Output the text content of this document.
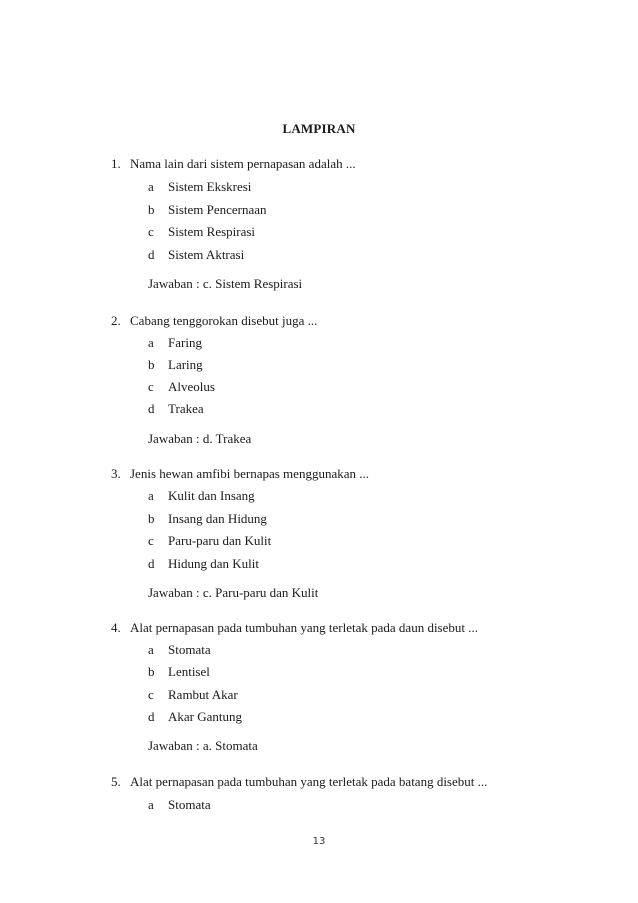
LAMPIRAN
1. Nama lain dari sistem pernapasan adalah ...
a Sistem Ekskresi
b Sistem Pencernaan
c Sistem Respirasi
d Sistem Aktrasi
Jawaban : c. Sistem Respirasi
2. Cabang tenggorokan disebut juga ...
a Faring
b Laring
c Alveolus
d Trakea
Jawaban : d. Trakea
3. Jenis hewan amfibi bernapas menggunakan ...
a Kulit dan Insang
b Insang dan Hidung
c Paru-paru dan Kulit
d Hidung dan Kulit
Jawaban : c. Paru-paru dan Kulit
4. Alat pernapasan pada tumbuhan yang terletak pada daun disebut ...
a Stomata
b Lentisel
c Rambut Akar
d Akar Gantung
Jawaban : a. Stomata
5. Alat pernapasan pada tumbuhan yang terletak pada batang disebut ...
a Stomata
13
